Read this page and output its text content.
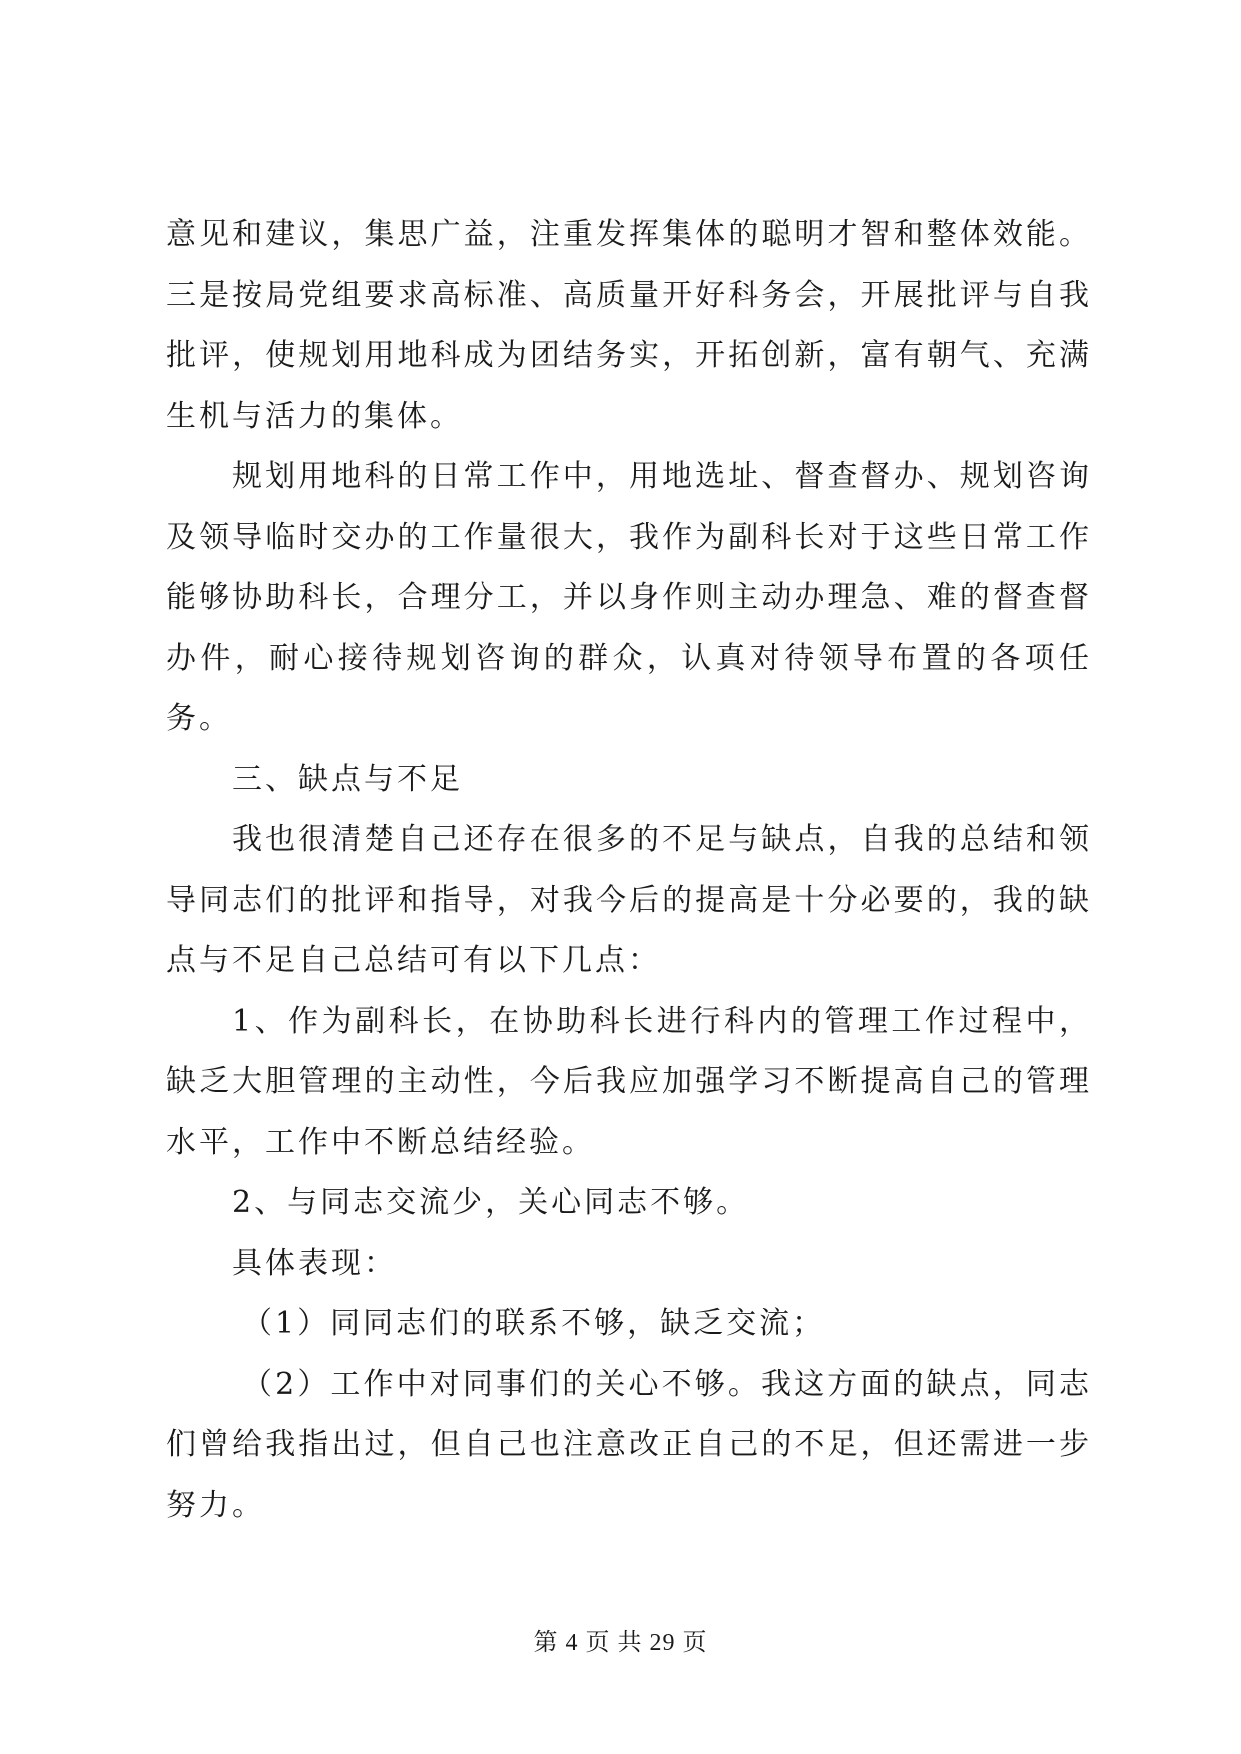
意见和建议，集思广益，注重发挥集体的聪明才智和整体效能。三是按局党组要求高标准、高质量开好科务会，开展批评与自我批评，使规划用地科成为团结务实，开拓创新，富有朝气、充满生机与活力的集体。

规划用地科的日常工作中，用地选址、督查督办、规划咨询及领导临时交办的工作量很大，我作为副科长对于这些日常工作能够协助科长，合理分工，并以身作则主动办理急、难的督查督办件，耐心接待规划咨询的群众，认真对待领导布置的各项任务。

三、缺点与不足

我也很清楚自己还存在很多的不足与缺点，自我的总结和领导同志们的批评和指导，对我今后的提高是十分必要的，我的缺点与不足自己总结可有以下几点：

1、作为副科长，在协助科长进行科内的管理工作过程中，缺乏大胆管理的主动性，今后我应加强学习不断提高自己的管理水平，工作中不断总结经验。

2、与同志交流少，关心同志不够。

具体表现：

（1）同同志们的联系不够，缺乏交流；

（2）工作中对同事们的关心不够。我这方面的缺点，同志们曾给我指出过，但自己也注意改正自己的不足，但还需进一步努力。

第 4 页 共 29 页
